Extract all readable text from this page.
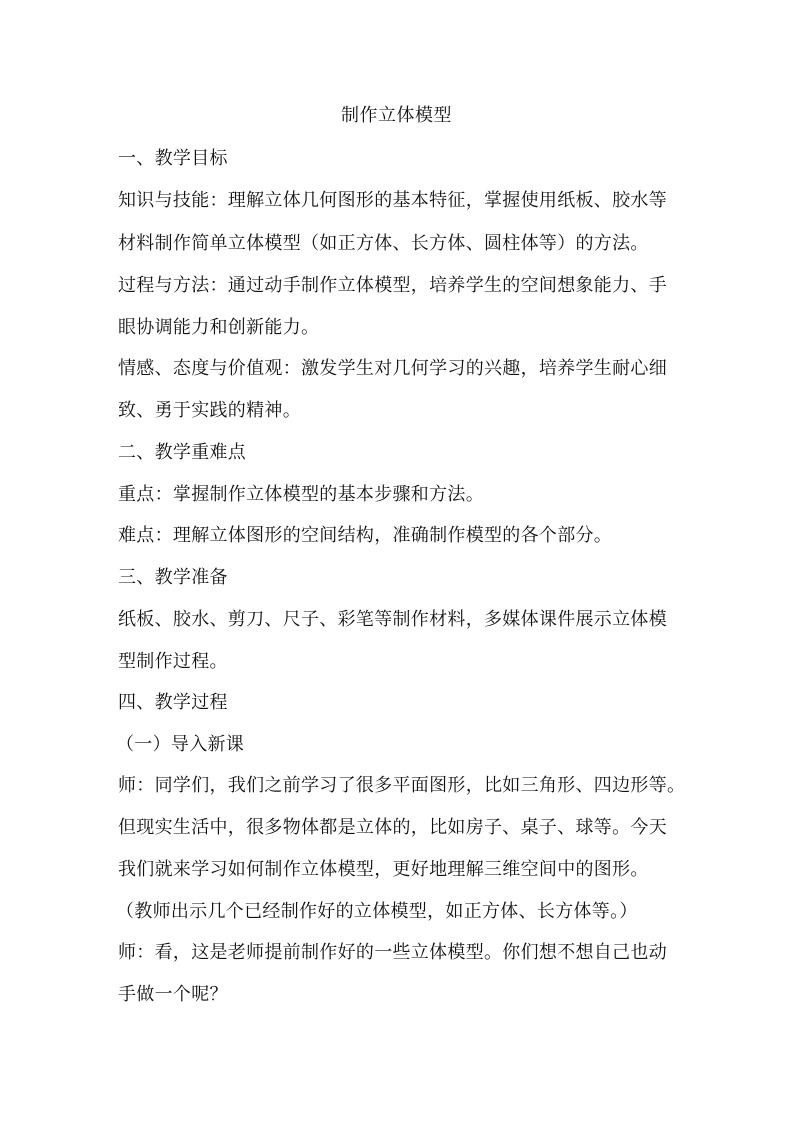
制作立体模型
一、教学目标
知识与技能：理解立体几何图形的基本特征，掌握使用纸板、胶水等
材料制作简单立体模型（如正方体、长方体、圆柱体等）的方法。
过程与方法：通过动手制作立体模型，培养学生的空间想象能力、手
眼协调能力和创新能力。
情感、态度与价值观：激发学生对几何学习的兴趣，培养学生耐心细
致、勇于实践的精神。
二、教学重难点
重点：掌握制作立体模型的基本步骤和方法。
难点：理解立体图形的空间结构，准确制作模型的各个部分。
三、教学准备
纸板、胶水、剪刀、尺子、彩笔等制作材料，多媒体课件展示立体模
型制作过程。
四、教学过程
（一）导入新课
师：同学们，我们之前学习了很多平面图形，比如三角形、四边形等。
但现实生活中，很多物体都是立体的，比如房子、桌子、球等。今天
我们就来学习如何制作立体模型，更好地理解三维空间中的图形。
（教师出示几个已经制作好的立体模型，如正方体、长方体等。）
师：看，这是老师提前制作好的一些立体模型。你们想不想自己也动
手做一个呢？
